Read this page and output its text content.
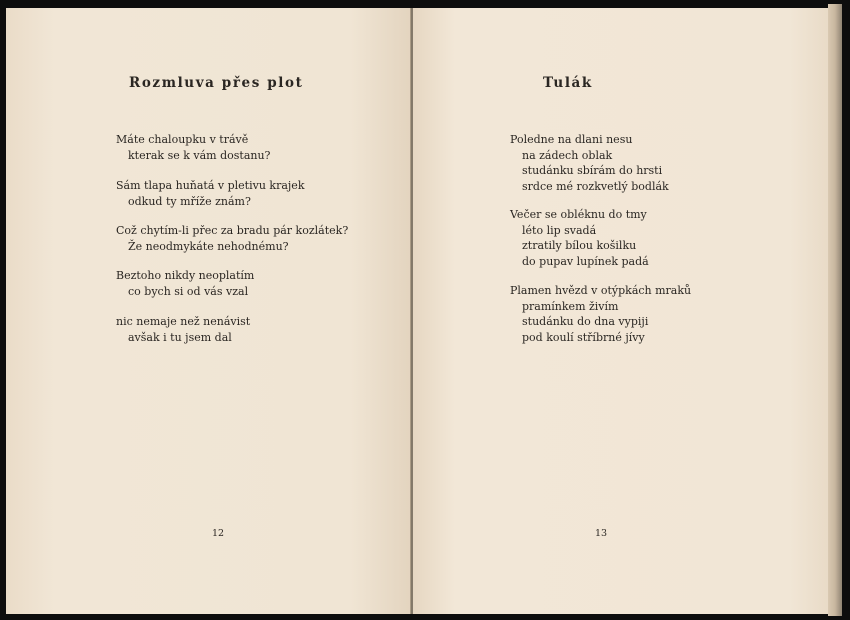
Rozmluva přes plot
Máte chaloupku v trávě
kterak se k vám dostanu?
Sám tlapa huňatá v pletivu krajek
odkud ty mříže znám?
Což chytím-li přec za bradu pár kozlátek?
Že neodmykáte nehodnému?
Beztoho nikdy neoplatím
co bych si od vás vzal
nic nemaje než nenávist
avšak i tu jsem dal
12
Tulák
Poledne na dlani nesu
na zádech oblak
studánku sbírám do hrsti
srdce mé rozkvetlý bodlák
Večer se obléknu do tmy
léto lip svadá
ztratily bílou košilku
do pupav lupínek padá
Plamen hvězd v otýpkách mraků
pramínkem živím
studánku do dna vypiji
pod koulí stříbrné jívy
13
